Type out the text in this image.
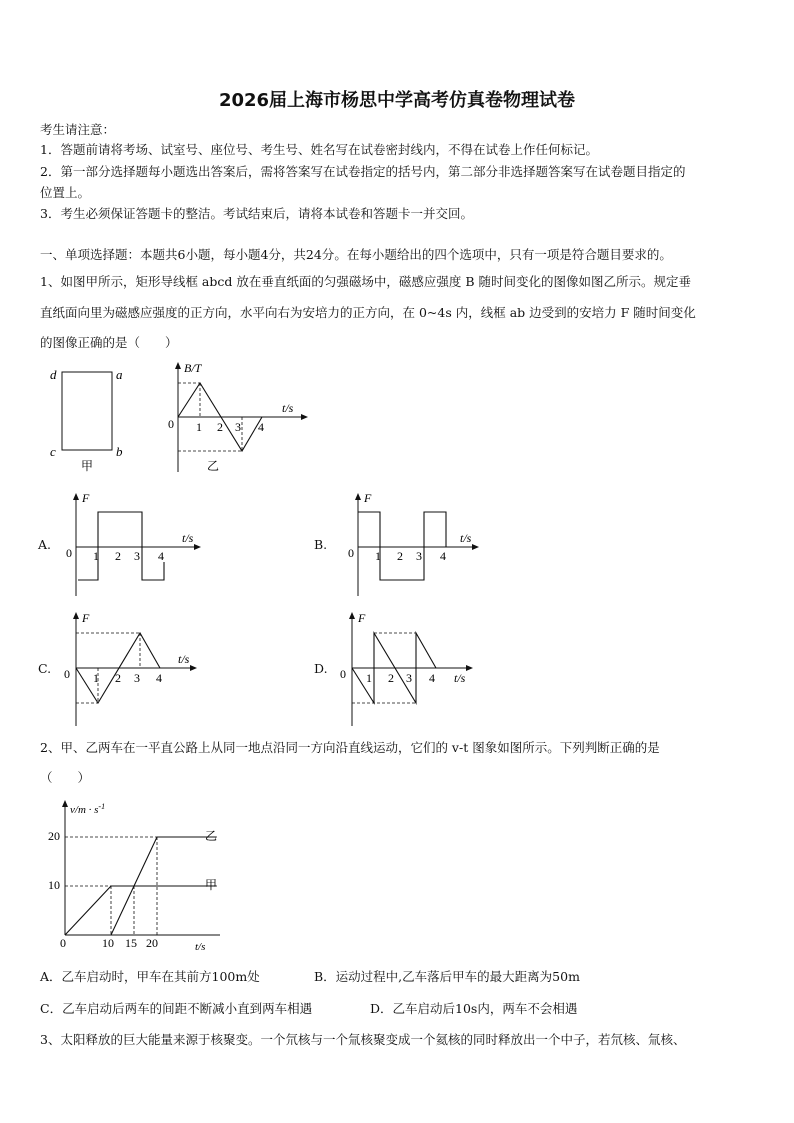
2026届上海市杨思中学高考仿真卷物理试卷
考生请注意：
1．答题前请将考场、试室号、座位号、考生号、姓名写在试卷密封线内，不得在试卷上作任何标记。
2．第一部分选择题每小题选出答案后，需将答案写在试卷指定的括号内，第二部分非选择题答案写在试卷题目指定的
位置上。
3．考生必须保证答题卡的整洁。考试结束后，请将本试卷和答题卡一并交回。
一、单项选择题：本题共6小题，每小题4分，共24分。在每小题给出的四个选项中，只有一项是符合题目要求的。
1、如图甲所示，矩形导线框 abcd 放在垂直纸面的匀强磁场中，磁感应强度 B 随时间变化的图像如图乙所示。规定垂
直纸面向里为磁感应强度的正方向，水平向右为安培力的正方向，在 0~4s 内，线框 ab 边受到的安培力 F 随时间变化
的图像正确的是（　　）
d	a
c	b
甲
B/T
t/s
0 1 2 3 4
乙
A.
F
t/s
0 1 2 3 4
B.
F
t/s
0 1 2 3 4
C.
F
t/s
0 1 2 3 4
D.
F
t/s
0 1 2 3 4
2、甲、乙两车在一平直公路上从同一地点沿同一方向沿直线运动，它们的 v-t 图象如图所示。下列判断正确的是
（　　）
$v/m \cdot s^{-1}$
t/s
20
10
0	10 15 20
乙
甲
A．乙车启动时，甲车在其前方100m处	B．运动过程中,乙车落后甲车的最大距离为50m
C．乙车启动后两车的间距不断减小直到两车相遇	D．乙车启动后10s内，两车不会相遇
3、太阳释放的巨大能量来源于核聚变。一个氘核与一个氚核聚变成一个氦核的同时释放出一个中子，若氘核、氚核、
